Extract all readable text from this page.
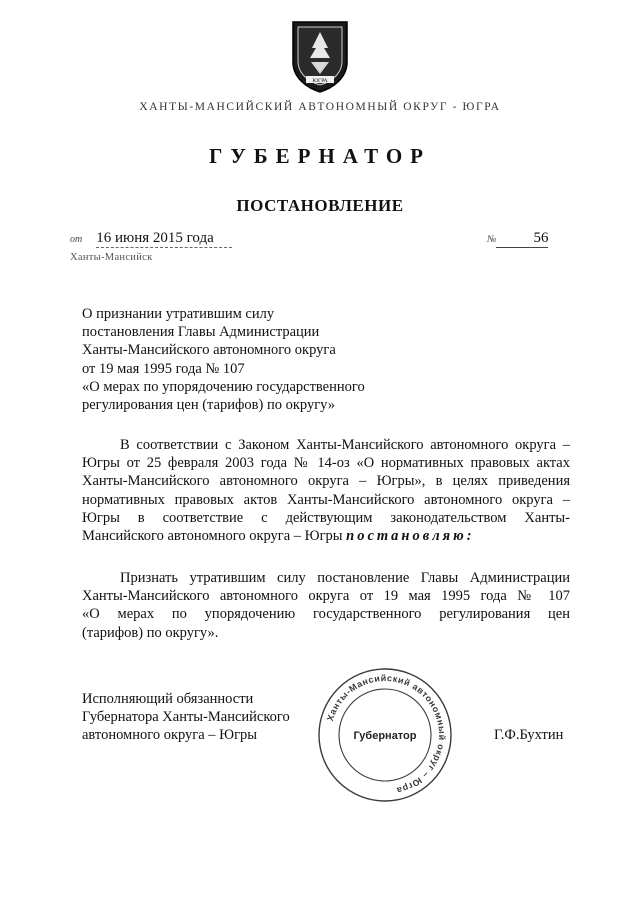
ЮГРА
ХАНТЫ-МАНСИЙСКИЙ АВТОНОМНЫЙ ОКРУГ - ЮГРА
ГУБЕРНАТОР
ПОСТАНОВЛЕНИЕ
от 16 июня 2015 года	№ 56
Ханты-Мансийск
О признании утратившим силу
постановления Главы Администрации
Ханты-Мансийского автономного округа
от 19 мая 1995 года № 107
«О мерах по упорядочению государственного
регулирования цен (тарифов) по округу»
В соответствии с Законом Ханты-Мансийского автономного округа –
Югры от 25 февраля 2003 года № 14-оз «О нормативных правовых актах
Ханты-Мансийского автономного округа – Югры», в целях приведения
нормативных правовых актов Ханты-Мансийского автономного округа –
Югры в соответствие с действующим законодательством Ханты-
Мансийского автономного округа – Югры постановляю:
Признать утратившим силу постановление Главы Администрации
Ханты-Мансийского автономного округа от 19 мая 1995 года № 107
«О мерах по упорядочению государственного регулирования цен
(тарифов) по округу».
Исполняющий обязанности
Губернатора Ханты-Мансийского
автономного округа – Югры
Ханты-Мансийский автономный округ – Югра
Губернатор	Г.Ф.Бухтин
